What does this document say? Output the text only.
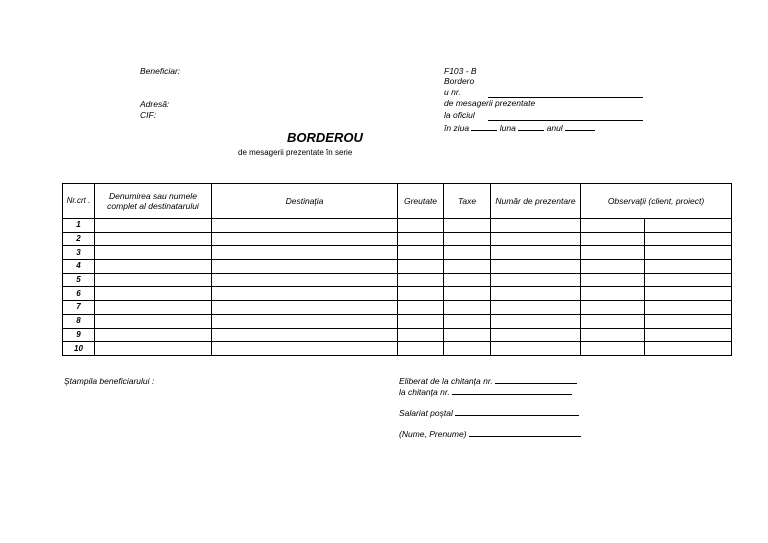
Beneficiar:
Adresă:
CIF:
F103 - B
Bordero
u nr.
de mesagerii prezentate
la oficiul
în ziua	luna	anul
BORDEROU
de mesagerii prezentate în serie
Nr.crt .	Denumirea sau numele complet al destinatarului	Destinaţia	Greutate	Taxe	Număr de prezentare	Observaţii (client, proiect)	
1							
2							
3							
4							
5							
6							
7							
8							
9							
10							
Ştampila beneficiarului :	Eliberat de la chitanţa nr.
la chitanţa nr.
Salariat poştal
(Nume, Prenume)
